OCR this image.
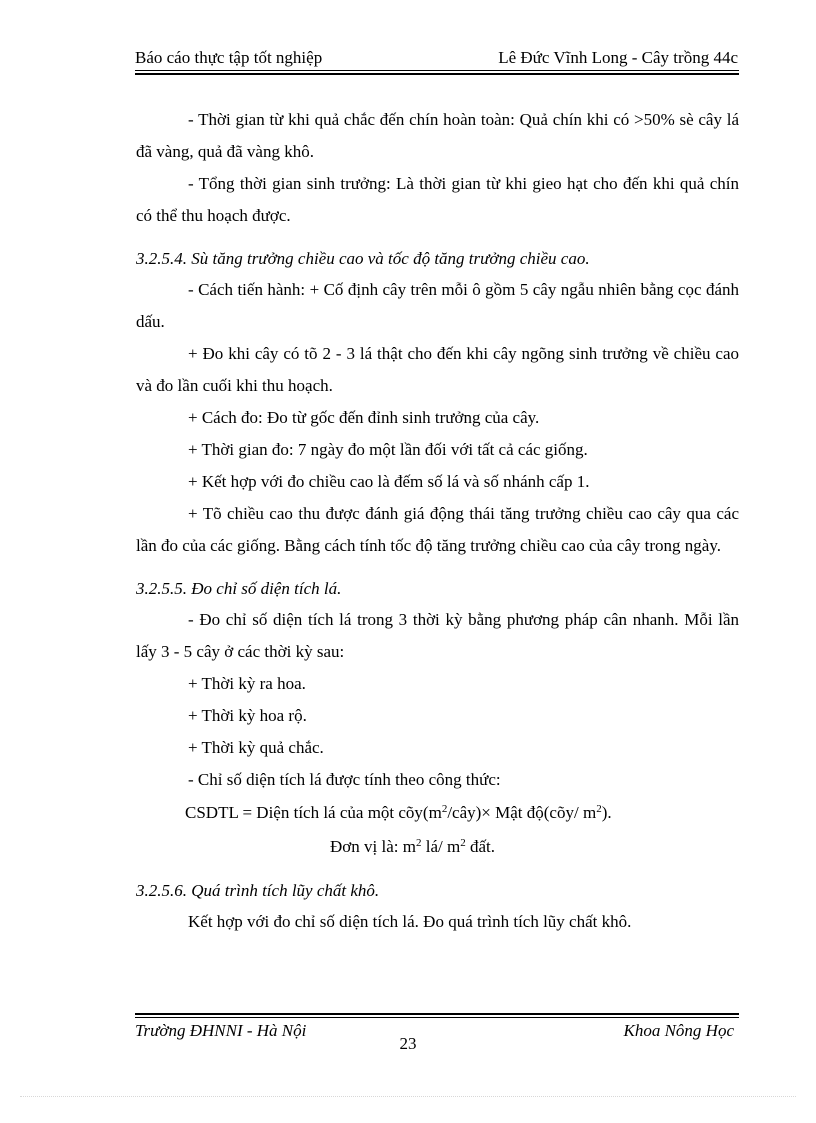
Báo cáo thực tập tốt nghiệp	Lê Đức Vĩnh Long - Cây trồng 44c

- Thời gian từ khi quả chắc đến chín hoàn toàn: Quả chín khi có >50% sè cây lá đã vàng, quả đã vàng khô.

- Tổng thời gian sinh trưởng: Là thời gian từ khi gieo hạt cho đến khi quả chín có thể thu hoạch được.

3.2.5.4. Sù tăng trưởng chiều cao và tốc độ tăng trưởng chiều cao.

- Cách tiến hành: + Cố định cây trên mỗi ô gồm 5 cây ngẫu nhiên bằng cọc đánh dấu.

+ Đo khi cây có tõ 2 - 3 lá thật cho đến khi cây ngõng sinh trưởng về chiều cao và đo lần cuối khi thu hoạch.

+ Cách đo: Đo từ gốc đến đỉnh sinh trưởng của cây.

+ Thời gian đo: 7 ngày đo một lần đối với tất cả các giống.

+ Kết hợp với đo chiều cao là đếm số lá và số nhánh cấp 1.

+ Tõ chiều cao thu được đánh giá động thái tăng trưởng chiều cao cây qua các lần đo của các giống. Bằng cách tính tốc độ tăng trưởng chiều cao của cây trong ngày.

3.2.5.5. Đo chỉ số diện tích lá.

- Đo chỉ số diện tích lá trong 3 thời kỳ bằng phương pháp cân nhanh. Mỗi lần lấy 3 - 5 cây ở các thời kỳ sau:

+ Thời kỳ ra hoa.

+ Thời kỳ hoa rộ.

+ Thời kỳ quả chắc.

- Chỉ số diện tích lá được tính theo công thức:

CSDTL = Diện tích lá của một $cõy(m^2/cây)\times$ Mật độ(cõy/ $m^2$).

Đơn vị là: $m^2$ lá/ $m^2$ đất.

3.2.5.6. Quá trình tích lũy chất khô.

Kết hợp với đo chỉ số diện tích lá. Đo quá trình tích lũy chất khô.

Trường ĐHNNI - Hà Nội	Khoa Nông Học
23
